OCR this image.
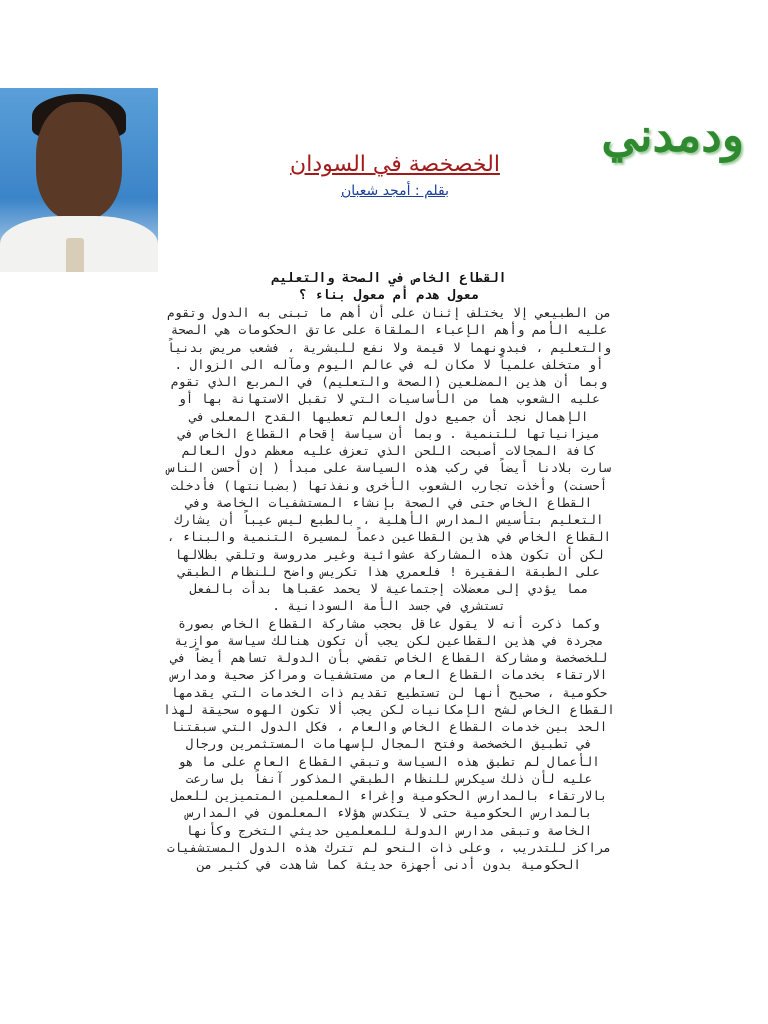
ودمدني
الخصخصة في السودان
بقلم : أمجد شعبان
القطاع الخاص في الصحة والتعليم
معول هدم أم معول بناء ؟
من الطبيعي إلا يختلف إثنان على أن أهم ما تبنى به الدول وتقوم
عليه الأمم وأهم الإعباء الملقاة على عاتق الحكومات هي الصحة
والتعليم ، فبدونهما لا قيمة ولا نفع للبشرية ، فشعب مريض بدنياً
أو متخلف علمياً لا مكان له في عالم اليوم ومآله الى الزوال .
وبما أن هذين المضلعين (الصحة والتعليم) في المربع الذي تقوم
عليه الشعوب هما من الأساسيات التي لا تقبل الاستهانة بها أو
الإهمال نجد أن جميع دول العالم تعطيها القدح المعلى في
ميزانياتها للتنمية . وبما أن سياسة إقحام القطاع الخاص في
كافة المجالات أصبحت اللحن الذي تعزف عليه معظم دول العالم
سارت بلادنا أيضاً في ركب هذه السياسة على مبدأ ( إن أحسن الناس
أحسنت) وأخذت تجارب الشعوب الأخرى ونفذتها (بضبانتها) فأدخلت
القطاع الخاص حتى في الصحة بإنشاء المستشفيات الخاصة وفي
التعليم بتأسيس المدارس الأهلية ، بالطبع ليس عيباً أن يشارك
القطاع الخاص في هذين القطاعين دعماً لمسيرة التنمية والبناء ،
لكن أن تكون هذه المشاركة عشوائية وغير مدروسة وتلقي بظلالها
على الطبقة الفقيرة ! فلعمري هذا تكريس واضح للنظام الطبقي
مما يؤدي إلى معضلات إجتماعية لا يحمد عقباها بدأت بالفعل
تستشري في جسد الأمة السودانية .
وكما ذكرت أنه لا يقول عاقل بحجب مشاركة القطاع الخاص بصورة
مجردة في هذين القطاعين لكن يجب أن تكون هنالك سياسة موازية
للخصخصة ومشاركة القطاع الخاص تقضي بأن الدولة تساهم أيضاً في
الارتقاء بخدمات القطاع العام من مستشفيات ومراكز صحية ومدارس
حكومية ، صحيح أنها لن تستطيع تقديم ذات الخدمات التي يقدمها
القطاع الخاص لشح الإمكانيات لكن يجب ألا تكون الهوه سحيقة لهذا
الحد بين خدمات القطاع الخاص والعام ، فكل الدول التي سبقتنا
في تطبيق الخصخصة وفتح المجال لإسهامات المستثمرين ورجال
الأعمال لم تطبق هذه السياسة وتبقي القطاع العام على ما هو
عليه لأن ذلك سيكرس للنظام الطبقي المذكور آنفاً بل سارعت
بالارتقاء بالمدارس الحكومية وإغراء المعلمين المتميزين للعمل
بالمدارس الحكومية حتى لا يتكدس هؤلاء المعلمون في المدارس
الخاصة وتبقى مدارس الدولة للمعلمين حديثي التخرج وكأنها
مراكز للتدريب ، وعلى ذات النحو لم تترك هذه الدول المستشفيات
الحكومية بدون أدنى أجهزة حديثة كما شاهدت في كثير من
